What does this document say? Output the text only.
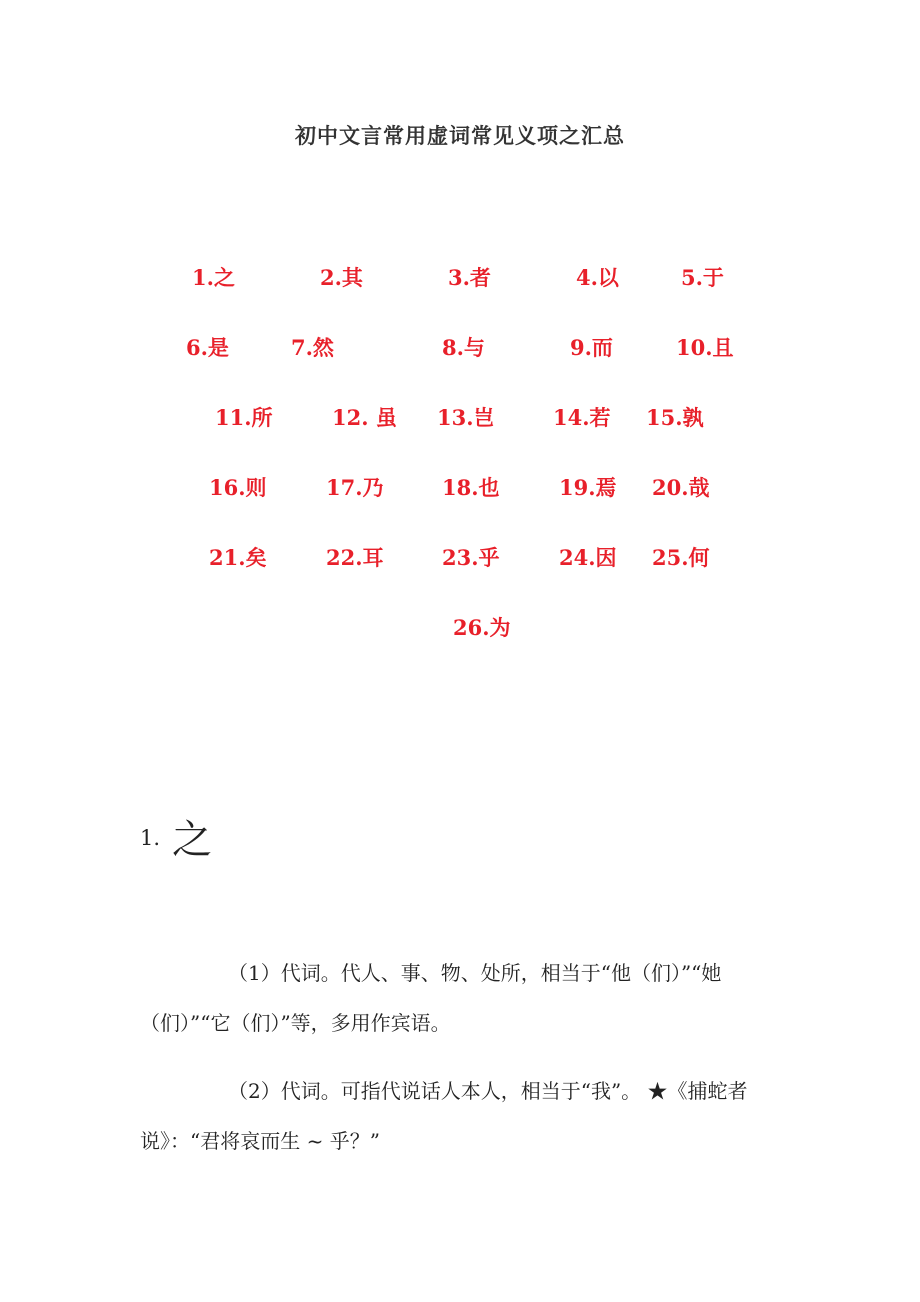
初中文言常用虚词常见义项之汇总
1.之	2.其	3.者	4.以	5.于
6.是	7.然	8.与	9.而	10.且
11.所	12. 虽 13.岂	14.若 15.孰
16.则	17.乃	18.也	19.焉 20.哉
21.矣	22.耳	23.乎	24.因 25.何
26.为
1. 之

（1）代词。代人、事、物、处所，相当于“他（们）”“她（们）”“它（们）”等，多用作宾语。

（2）代词。可指代说话人本人，相当于“我”。 ★《捕蛇者说》：“君将哀而生 ~ 乎？”
